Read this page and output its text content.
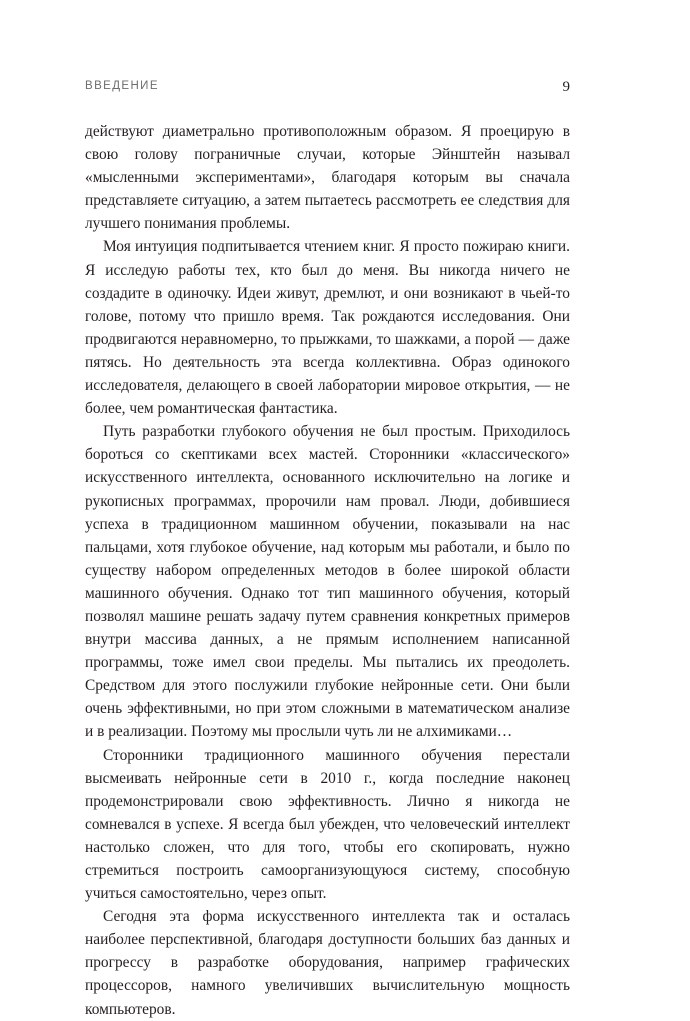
ВВЕДЕНИЕ	9

действуют диаметрально противоположным образом. Я проецирую в свою голову пограничные случаи, которые Эйнштейн называл «мысленными экспериментами», благодаря которым вы сначала представляете ситуацию, а затем пытаетесь рассмотреть ее следствия для лучшего понимания проблемы.

Моя интуиция подпитывается чтением книг. Я просто пожираю книги. Я исследую работы тех, кто был до меня. Вы никогда ничего не создадите в одиночку. Идеи живут, дремлют, и они возникают в чьей-то голове, потому что пришло время. Так рождаются исследования. Они продвигаются неравномерно, то прыжками, то шажками, а порой — даже пятясь. Но деятельность эта всегда коллективна. Образ одинокого исследователя, делающего в своей лаборатории мировое открытия, — не более, чем романтическая фантастика.

Путь разработки глубокого обучения не был простым. Приходилось бороться со скептиками всех мастей. Сторонники «классического» искусственного интеллекта, основанного исключительно на логике и рукописных программах, пророчили нам провал. Люди, добившиеся успеха в традиционном машинном обучении, показывали на нас пальцами, хотя глубокое обучение, над которым мы работали, и было по существу набором определенных методов в более широкой области машинного обучения. Однако тот тип машинного обучения, который позволял машине решать задачу путем сравнения конкретных примеров внутри массива данных, а не прямым исполнением написанной программы, тоже имел свои пределы. Мы пытались их преодолеть. Средством для этого послужили глубокие нейронные сети. Они были очень эффективными, но при этом сложными в математическом анализе и в реализации. Поэтому мы прослыли чуть ли не алхимиками…

Сторонники традиционного машинного обучения перестали высмеивать нейронные сети в 2010 г., когда последние наконец продемонстрировали свою эффективность. Лично я никогда не сомневался в успехе. Я всегда был убежден, что человеческий интеллект настолько сложен, что для того, чтобы его скопировать, нужно стремиться построить самоорганизующуюся систему, способную учиться самостоятельно, через опыт.

Сегодня эта форма искусственного интеллекта так и осталась наиболее перспективной, благодаря доступности больших баз данных и прогрессу в разработке оборудования, например графических процессоров, намного увеличивших вычислительную мощность компьютеров.
